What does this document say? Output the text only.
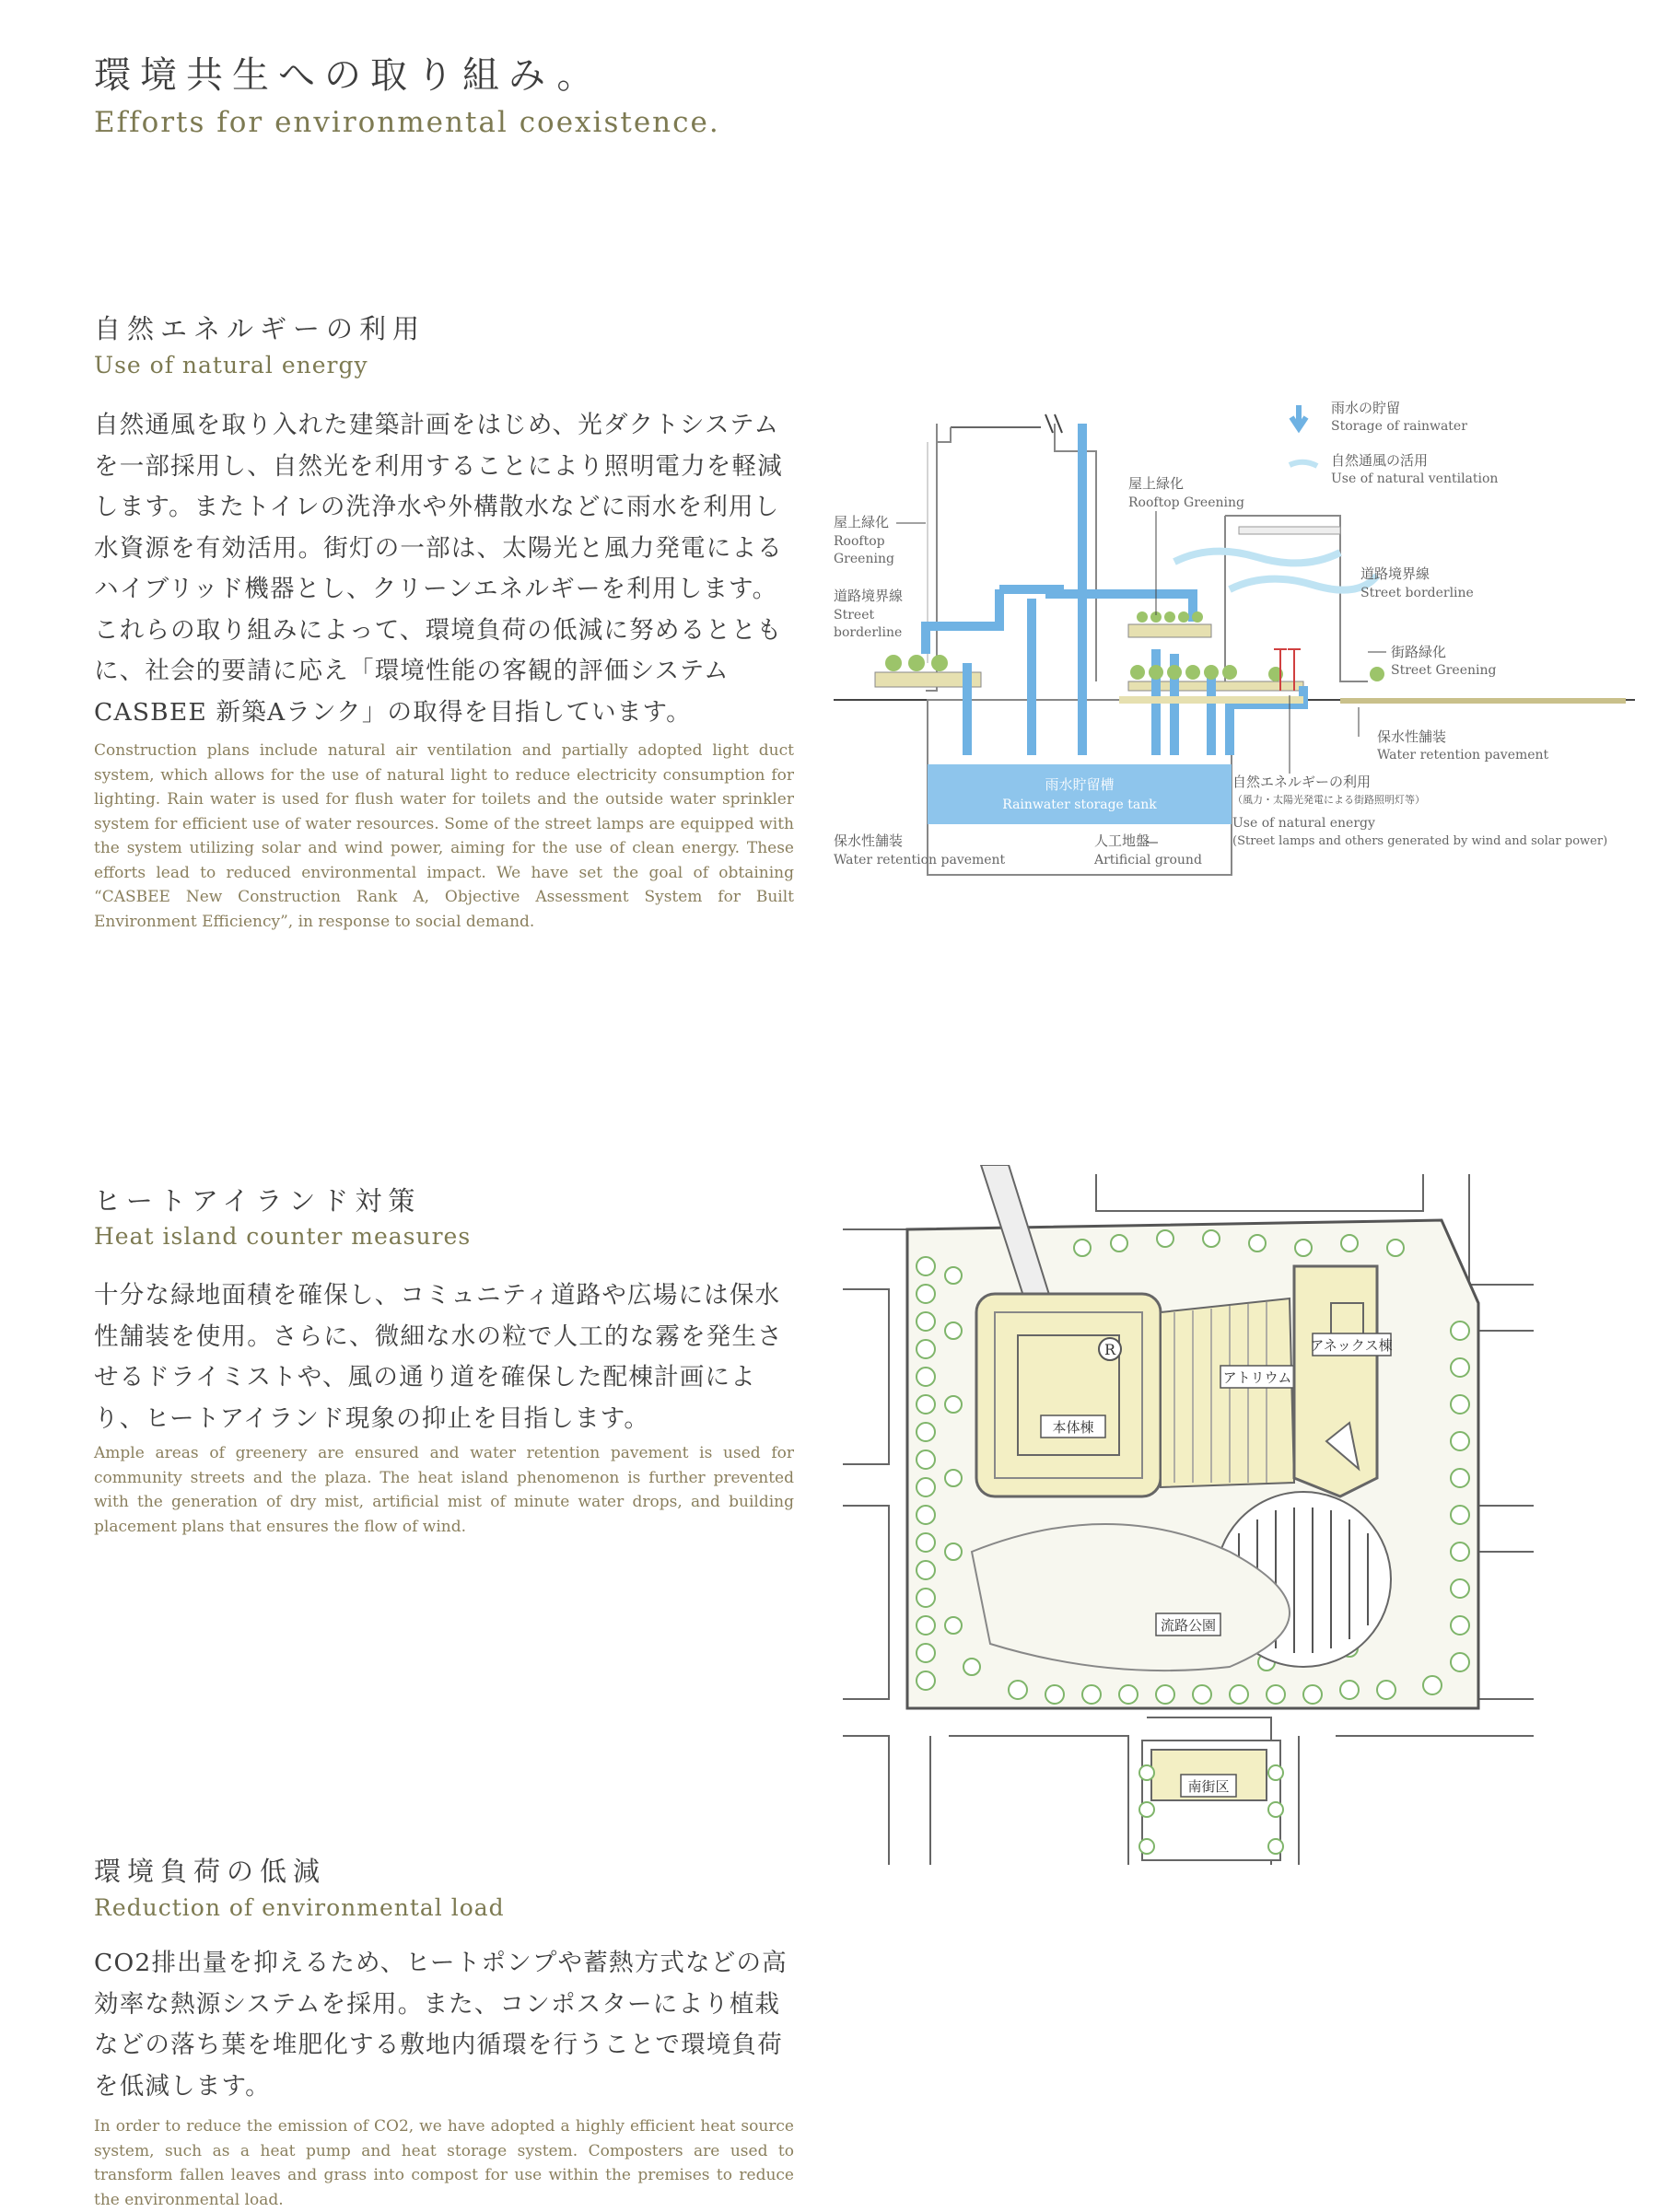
環境共生への取り組み。
Efforts for environmental coexistence.
自然エネルギーの利用
Use of natural energy
自然通風を取り入れた建築計画をはじめ、光ダクトシステムを一部採用し、自然光を利用することにより照明電力を軽減します。またトイレの洗浄水や外構散水などに雨水を利用し水資源を有効活用。街灯の一部は、太陽光と風力発電によるハイブリッド機器とし、クリーンエネルギーを利用します。これらの取り組みによって、環境負荷の低減に努めるとともに、社会的要請に応え「環境性能の客観的評価システムCASBEE 新築Aランク」の取得を目指しています。
Construction plans include natural air ventilation and partially adopted light duct system, which allows for the use of natural light to reduce electricity consumption for lighting. Rain water is used for flush water for toilets and the outside water sprinkler system for efficient use of water resources. Some of the street lamps are equipped with the system utilizing solar and wind power, aiming for the use of clean energy. These efforts lead to reduced environmental impact. We have set the goal of obtaining “CASBEE New Construction Rank A, Objective Assessment System for Built Environment Efficiency”, in response to social demand.
ヒートアイランド対策
Heat island counter measures
十分な緑地面積を確保し、コミュニティ道路や広場には保水性舗装を使用。さらに、微細な水の粒で人工的な霧を発生させるドライミストや、風の通り道を確保した配棟計画により、ヒートアイランド現象の抑止を目指します。
Ample areas of greenery are ensured and water retention pavement is used for community streets and the plaza. The heat island phenomenon is further prevented with the generation of dry mist, artificial mist of minute water drops, and building placement plans that ensures the flow of wind.
環境負荷の低減
Reduction of environmental load
CO2排出量を抑えるため、ヒートポンプや蓄熱方式などの高効率な熱源システムを採用。また、コンポスターにより植栽などの落ち葉を堆肥化する敷地内循環を行うことで環境負荷を低減します。
In order to reduce the emission of CO2, we have adopted a highly efficient heat source system, such as a heat pump and heat storage system. Composters are used to transform fallen leaves and grass into compost for use within the premises to reduce the environmental load.
雨水の貯留
Storage of rainwater
自然通風の活用
Use of natural ventilation
植栽への散水・
夏場の打ち水
Watering grass
establishments /
watering during
summer
屋上緑化
Rooftop Greening
屋上緑化
Rooftop
Greening
道路境界線
Street
borderline
道路境界線
Street borderline
街路緑化
Street Greening
保水性舗装
Water retention pavement
雨水貯留槽
Rainwater storage tank
自然エネルギーの利用
（風力・太陽光発電による街路照明灯等）
Use of natural energy
(Street lamps and others generated by wind and solar power)
保水性舗装
Water retention pavement
人工地盤
Artificial ground
R
本体棟
アトリウム
アネックス棟
流路公園
南街区
